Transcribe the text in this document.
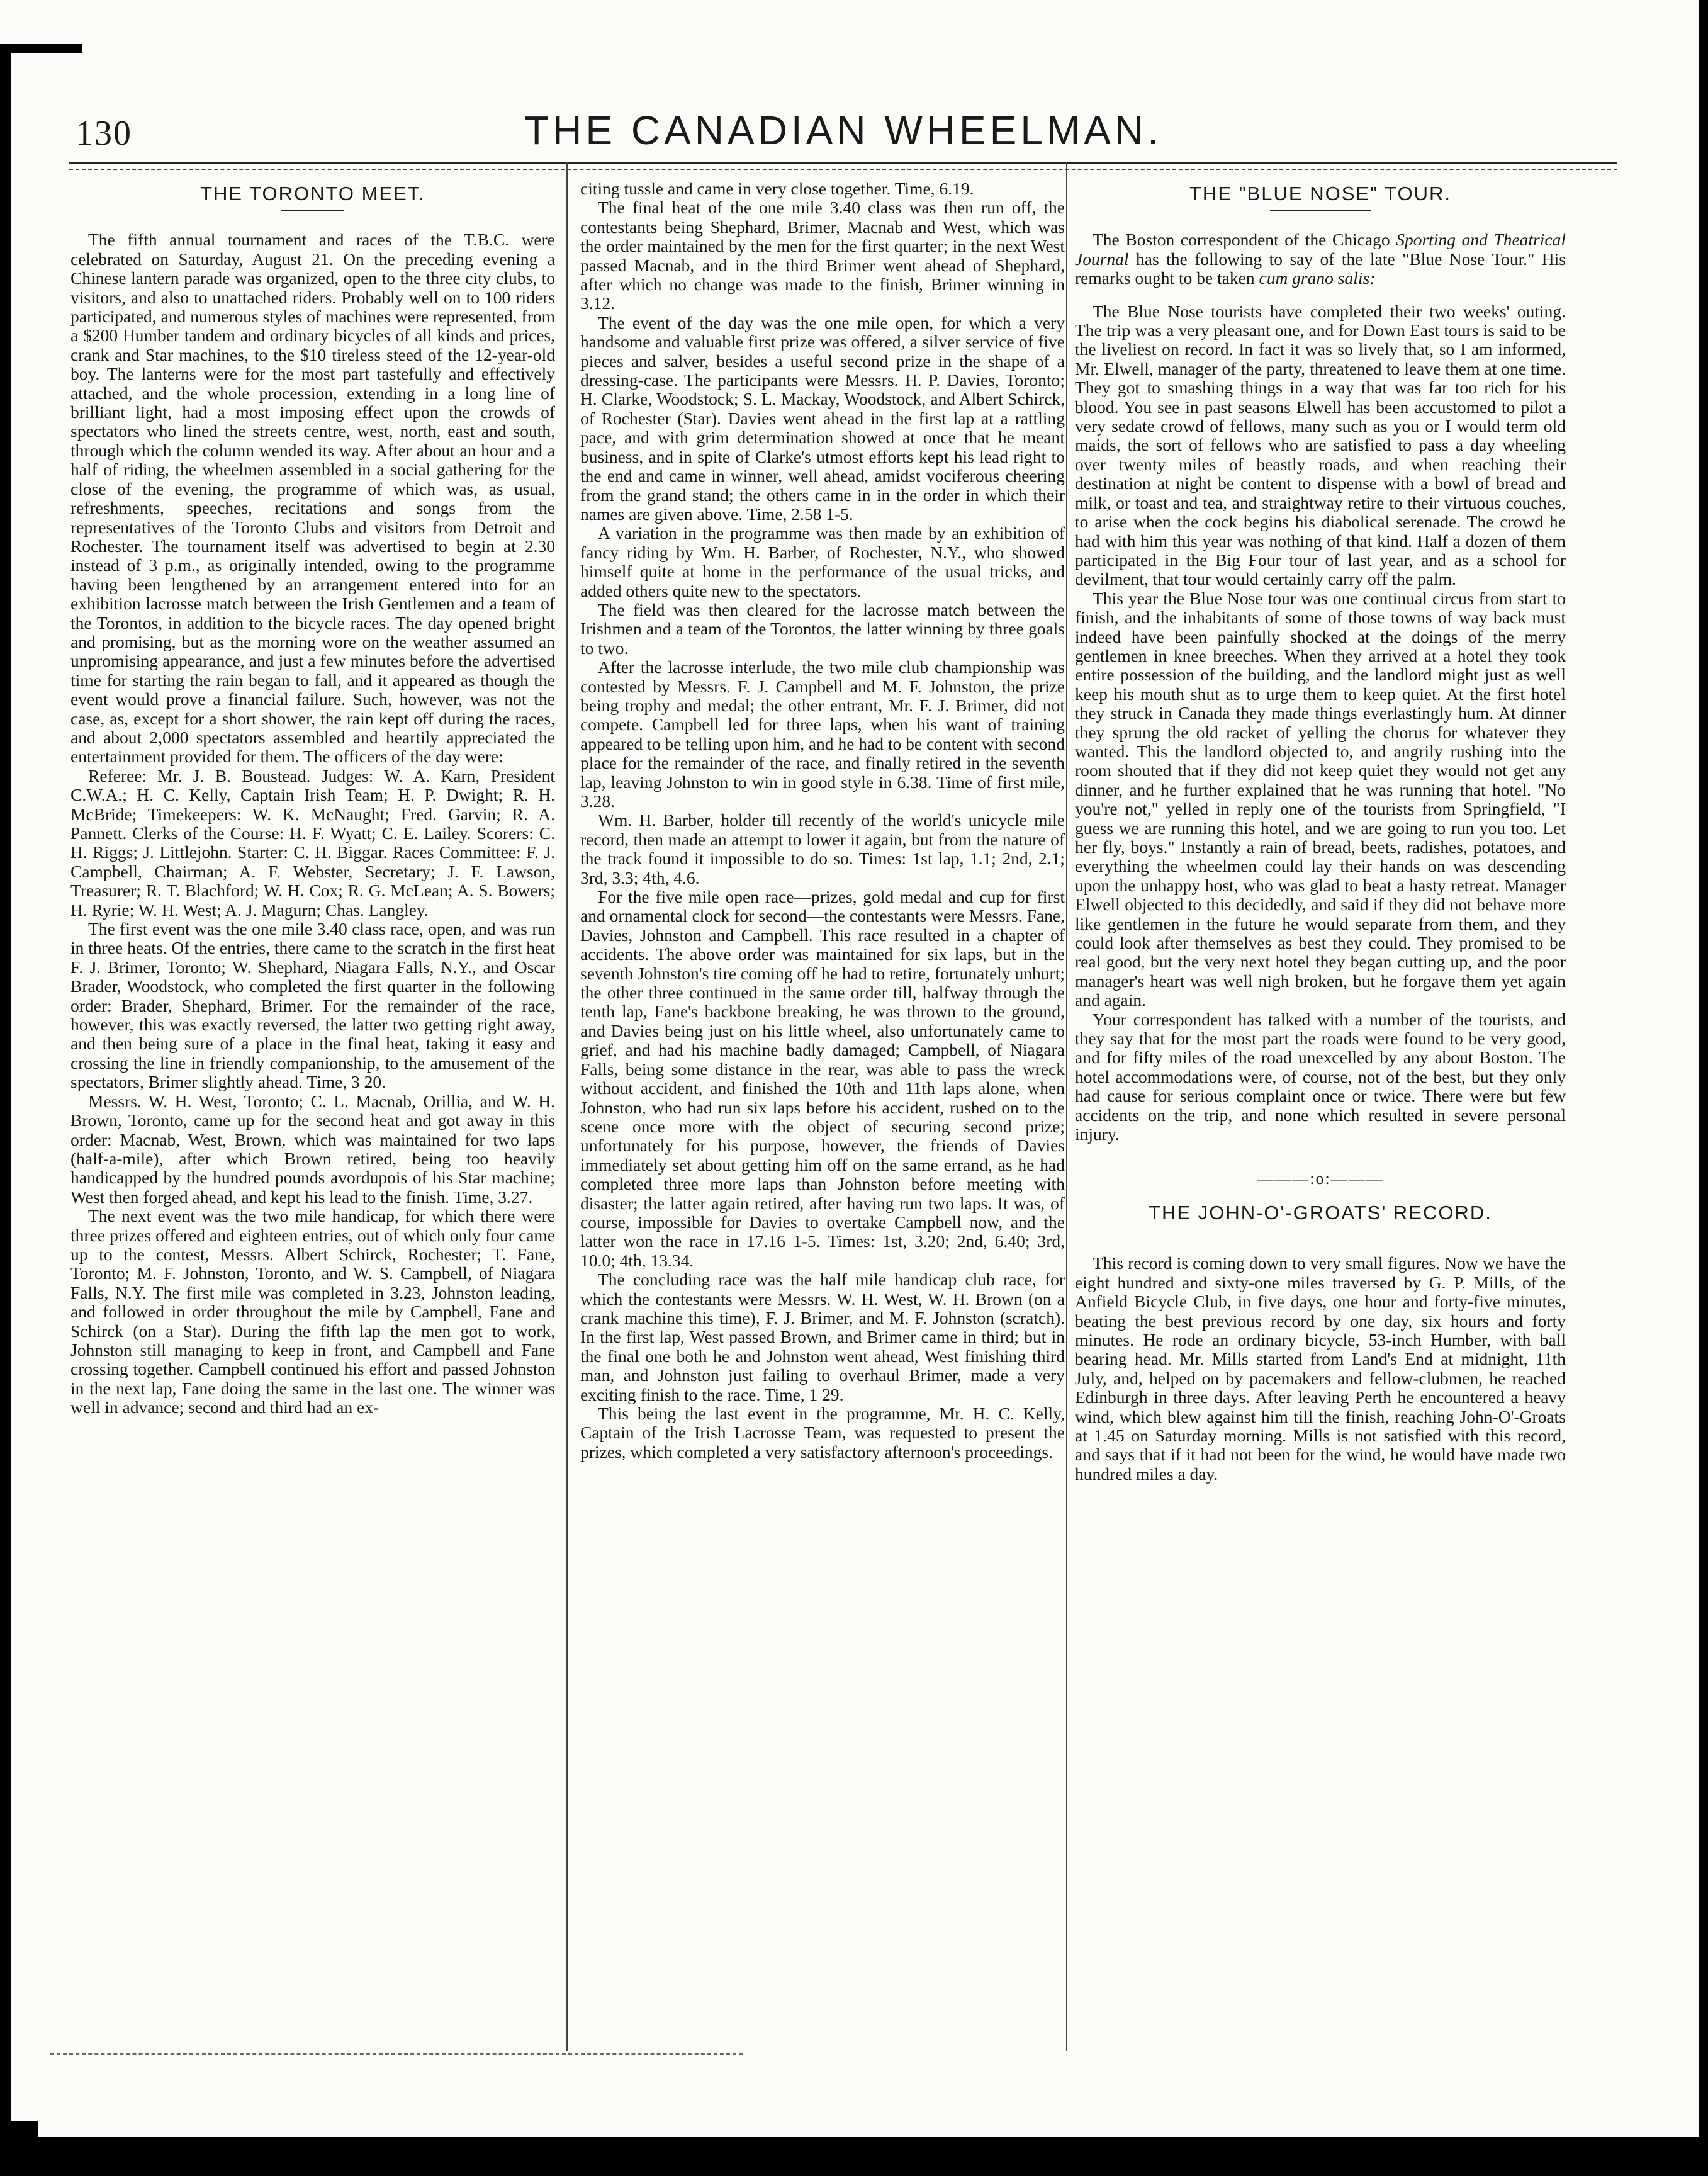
130	THE CANADIAN WHEELMAN.
THE TORONTO MEET.

The fifth annual tournament and races of the T.B.C. were celebrated on Saturday, August 21. On the preceding evening a Chinese lantern parade was organized, open to the three city clubs, to visitors, and also to unattached riders. Probably well on to 100 riders participated, and numerous styles of machines were represented, from a $200 Humber tandem and ordinary bicycles of all kinds and prices, crank and Star machines, to the $10 tireless steed of the 12-year-old boy. The lanterns were for the most part tastefully and effectively attached, and the whole procession, extending in a long line of brilliant light, had a most imposing effect upon the crowds of spectators who lined the streets centre, west, north, east and south, through which the column wended its way. After about an hour and a half of riding, the wheelmen assembled in a social gathering for the close of the evening, the programme of which was, as usual, refreshments, speeches, recitations and songs from the representatives of the Toronto Clubs and visitors from Detroit and Rochester. The tournament itself was advertised to begin at 2.30 instead of 3 p.m., as originally intended, owing to the programme having been lengthened by an arrangement entered into for an exhibition lacrosse match between the Irish Gentlemen and a team of the Torontos, in addition to the bicycle races. The day opened bright and promising, but as the morning wore on the weather assumed an unpromising appearance, and just a few minutes before the advertised time for starting the rain began to fall, and it appeared as though the event would prove a financial failure. Such, however, was not the case, as, except for a short shower, the rain kept off during the races, and about 2,000 spectators assembled and heartily appreciated the entertainment provided for them. The officers of the day were:

Referee: Mr. J. B. Boustead. Judges: W. A. Karn, President C.W.A.; H. C. Kelly, Captain Irish Team; H. P. Dwight; R. H. McBride; Timekeepers: W. K. McNaught; Fred. Garvin; R. A. Pannett. Clerks of the Course: H. F. Wyatt; C. E. Lailey. Scorers: C. H. Riggs; J. Littlejohn. Starter: C. H. Biggar. Races Committee: F. J. Campbell, Chairman; A. F. Webster, Secretary; J. F. Lawson, Treasurer; R. T. Blachford; W. H. Cox; R. G. McLean; A. S. Bowers; H. Ryrie; W. H. West; A. J. Magurn; Chas. Langley.

The first event was the one mile 3.40 class race, open, and was run in three heats. Of the entries, there came to the scratch in the first heat F. J. Brimer, Toronto; W. Shephard, Niagara Falls, N.Y., and Oscar Brader, Woodstock, who completed the first quarter in the following order: Brader, Shephard, Brimer. For the remainder of the race, however, this was exactly reversed, the latter two getting right away, and then being sure of a place in the final heat, taking it easy and crossing the line in friendly companionship, to the amusement of the spectators, Brimer slightly ahead. Time, 3 20.

Messrs. W. H. West, Toronto; C. L. Macnab, Orillia, and W. H. Brown, Toronto, came up for the second heat and got away in this order: Macnab, West, Brown, which was maintained for two laps (half-a-mile), after which Brown retired, being too heavily handicapped by the hundred pounds avordupois of his Star machine; West then forged ahead, and kept his lead to the finish. Time, 3.27.

The next event was the two mile handicap, for which there were three prizes offered and eighteen entries, out of which only four came up to the contest, Messrs. Albert Schirck, Rochester; T. Fane, Toronto; M. F. Johnston, Toronto, and W. S. Campbell, of Niagara Falls, N.Y. The first mile was completed in 3.23, Johnston leading, and followed in order throughout the mile by Campbell, Fane and Schirck (on a Star). During the fifth lap the men got to work, Johnston still managing to keep in front, and Campbell and Fane crossing together. Campbell continued his effort and passed Johnston in the next lap, Fane doing the same in the last one. The winner was well in advance; second and third had an ex-

citing tussle and came in very close together. Time, 6.19.

The final heat of the one mile 3.40 class was then run off, the contestants being Shephard, Brimer, Macnab and West, which was the order maintained by the men for the first quarter; in the next West passed Macnab, and in the third Brimer went ahead of Shephard, after which no change was made to the finish, Brimer winning in 3.12.

The event of the day was the one mile open, for which a very handsome and valuable first prize was offered, a silver service of five pieces and salver, besides a useful second prize in the shape of a dressing-case. The participants were Messrs. H. P. Davies, Toronto; H. Clarke, Woodstock; S. L. Mackay, Woodstock, and Albert Schirck, of Rochester (Star). Davies went ahead in the first lap at a rattling pace, and with grim determination showed at once that he meant business, and in spite of Clarke's utmost efforts kept his lead right to the end and came in winner, well ahead, amidst vociferous cheering from the grand stand; the others came in in the order in which their names are given above. Time, 2.58 1-5.

A variation in the programme was then made by an exhibition of fancy riding by Wm. H. Barber, of Rochester, N.Y., who showed himself quite at home in the performance of the usual tricks, and added others quite new to the spectators.

The field was then cleared for the lacrosse match between the Irishmen and a team of the Torontos, the latter winning by three goals to two.

After the lacrosse interlude, the two mile club championship was contested by Messrs. F. J. Campbell and M. F. Johnston, the prize being trophy and medal; the other entrant, Mr. F. J. Brimer, did not compete. Campbell led for three laps, when his want of training appeared to be telling upon him, and he had to be content with second place for the remainder of the race, and finally retired in the seventh lap, leaving Johnston to win in good style in 6.38. Time of first mile, 3.28.

Wm. H. Barber, holder till recently of the world's unicycle mile record, then made an attempt to lower it again, but from the nature of the track found it impossible to do so. Times: 1st lap, 1.1; 2nd, 2.1; 3rd, 3.3; 4th, 4.6.

For the five mile open race—prizes, gold medal and cup for first and ornamental clock for second—the contestants were Messrs. Fane, Davies, Johnston and Campbell. This race resulted in a chapter of accidents. The above order was maintained for six laps, but in the seventh Johnston's tire coming off he had to retire, fortunately unhurt; the other three continued in the same order till, halfway through the tenth lap, Fane's backbone breaking, he was thrown to the ground, and Davies being just on his little wheel, also unfortunately came to grief, and had his machine badly damaged; Campbell, of Niagara Falls, being some distance in the rear, was able to pass the wreck without accident, and finished the 10th and 11th laps alone, when Johnston, who had run six laps before his accident, rushed on to the scene once more with the object of securing second prize; unfortunately for his purpose, however, the friends of Davies immediately set about getting him off on the same errand, as he had completed three more laps than Johnston before meeting with disaster; the latter again retired, after having run two laps. It was, of course, impossible for Davies to overtake Campbell now, and the latter won the race in 17.16 1-5. Times: 1st, 3.20; 2nd, 6.40; 3rd, 10.0; 4th, 13.34.

The concluding race was the half mile handicap club race, for which the contestants were Messrs. W. H. West, W. H. Brown (on a crank machine this time), F. J. Brimer, and M. F. Johnston (scratch). In the first lap, West passed Brown, and Brimer came in third; but in the final one both he and Johnston went ahead, West finishing third man, and Johnston just failing to overhaul Brimer, made a very exciting finish to the race. Time, 1 29.

This being the last event in the programme, Mr. H. C. Kelly, Captain of the Irish Lacrosse Team, was requested to present the prizes, which completed a very satisfactory afternoon's proceedings.

THE "BLUE NOSE" TOUR.

The Boston correspondent of the Chicago Sporting and Theatrical Journal has the following to say of the late "Blue Nose Tour." His remarks ought to be taken cum grano salis:

The Blue Nose tourists have completed their two weeks' outing. The trip was a very pleasant one, and for Down East tours is said to be the liveliest on record. In fact it was so lively that, so I am informed, Mr. Elwell, manager of the party, threatened to leave them at one time. They got to smashing things in a way that was far too rich for his blood. You see in past seasons Elwell has been accustomed to pilot a very sedate crowd of fellows, many such as you or I would term old maids, the sort of fellows who are satisfied to pass a day wheeling over twenty miles of beastly roads, and when reaching their destination at night be content to dispense with a bowl of bread and milk, or toast and tea, and straightway retire to their virtuous couches, to arise when the cock begins his diabolical serenade. The crowd he had with him this year was nothing of that kind. Half a dozen of them participated in the Big Four tour of last year, and as a school for devilment, that tour would certainly carry off the palm.

This year the Blue Nose tour was one continual circus from start to finish, and the inhabitants of some of those towns of way back must indeed have been painfully shocked at the doings of the merry gentlemen in knee breeches. When they arrived at a hotel they took entire possession of the building, and the landlord might just as well keep his mouth shut as to urge them to keep quiet. At the first hotel they struck in Canada they made things everlastingly hum. At dinner they sprung the old racket of yelling the chorus for whatever they wanted. This the landlord objected to, and angrily rushing into the room shouted that if they did not keep quiet they would not get any dinner, and he further explained that he was running that hotel. "No you're not," yelled in reply one of the tourists from Springfield, "I guess we are running this hotel, and we are going to run you too. Let her fly, boys." Instantly a rain of bread, beets, radishes, potatoes, and everything the wheelmen could lay their hands on was descending upon the unhappy host, who was glad to beat a hasty retreat. Manager Elwell objected to this decidedly, and said if they did not behave more like gentlemen in the future he would separate from them, and they could look after themselves as best they could. They promised to be real good, but the very next hotel they began cutting up, and the poor manager's heart was well nigh broken, but he forgave them yet again and again.

Your correspondent has talked with a number of the tourists, and they say that for the most part the roads were found to be very good, and for fifty miles of the road unexcelled by any about Boston. The hotel accommodations were, of course, not of the best, but they only had cause for serious complaint once or twice. There were but few accidents on the trip, and none which resulted in severe personal injury.

———:o:———
THE JOHN-O'-GROATS' RECORD.

This record is coming down to very small figures. Now we have the eight hundred and sixty-one miles traversed by G. P. Mills, of the Anfield Bicycle Club, in five days, one hour and forty-five minutes, beating the best previous record by one day, six hours and forty minutes. He rode an ordinary bicycle, 53-inch Humber, with ball bearing head. Mr. Mills started from Land's End at midnight, 11th July, and, helped on by pacemakers and fellow-clubmen, he reached Edinburgh in three days. After leaving Perth he encountered a heavy wind, which blew against him till the finish, reaching John-O'-Groats at 1.45 on Saturday morning. Mills is not satisfied with this record, and says that if it had not been for the wind, he would have made two hundred miles a day.
